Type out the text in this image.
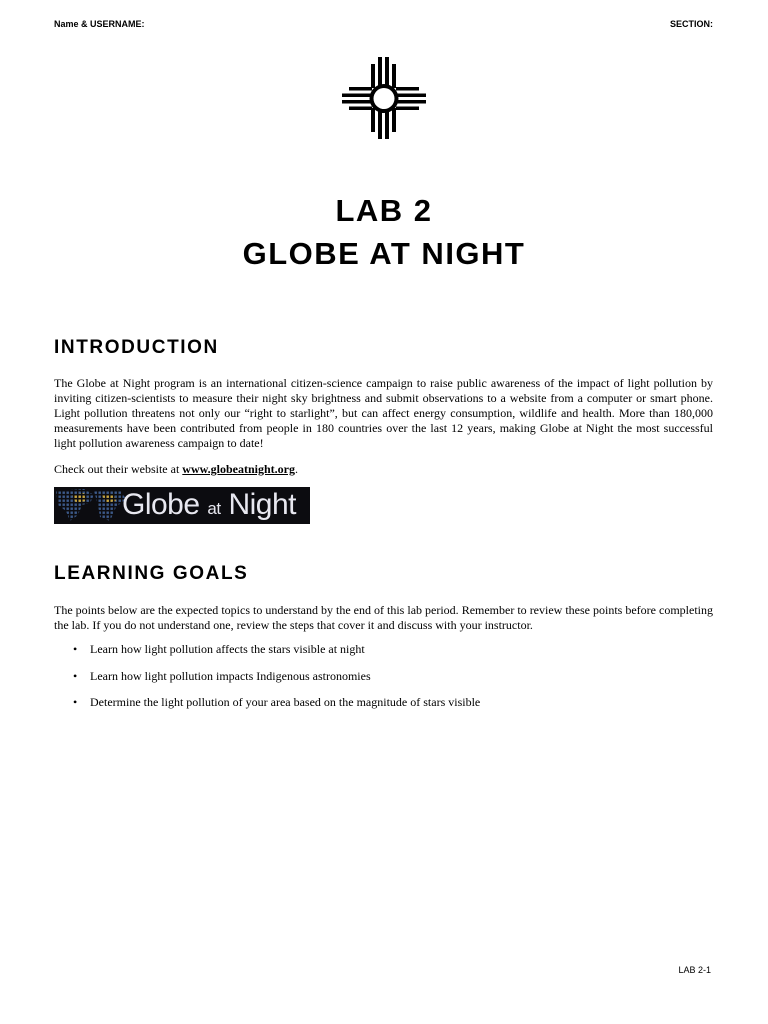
Name & USERNAME:	SECTION:
LAB 2
GLOBE AT NIGHT
INTRODUCTION

The Globe at Night program is an international citizen-science campaign to raise public awareness of the impact of light pollution by inviting citizen-scientists to measure their night sky brightness and submit observations to a website from a computer or smart phone. Light pollution threatens not only our “right to starlight”, but can affect energy consumption, wildlife and health. More than 180,000 measurements have been contributed from people in 180 countries over the last 12 years, making Globe at Night the most successful light pollution awareness campaign to date!

Check out their website at www.globeatnight.org.

Globe at Night
LEARNING GOALS

The points below are the expected topics to understand by the end of this lab period. Remember to review these points before completing the lab. If you do not understand one, review the steps that cover it and discuss with your instructor.

• Learn how light pollution affects the stars visible at night
• Learn how light pollution impacts Indigenous astronomies
• Determine the light pollution of your area based on the magnitude of stars visible
LAB 2-1
